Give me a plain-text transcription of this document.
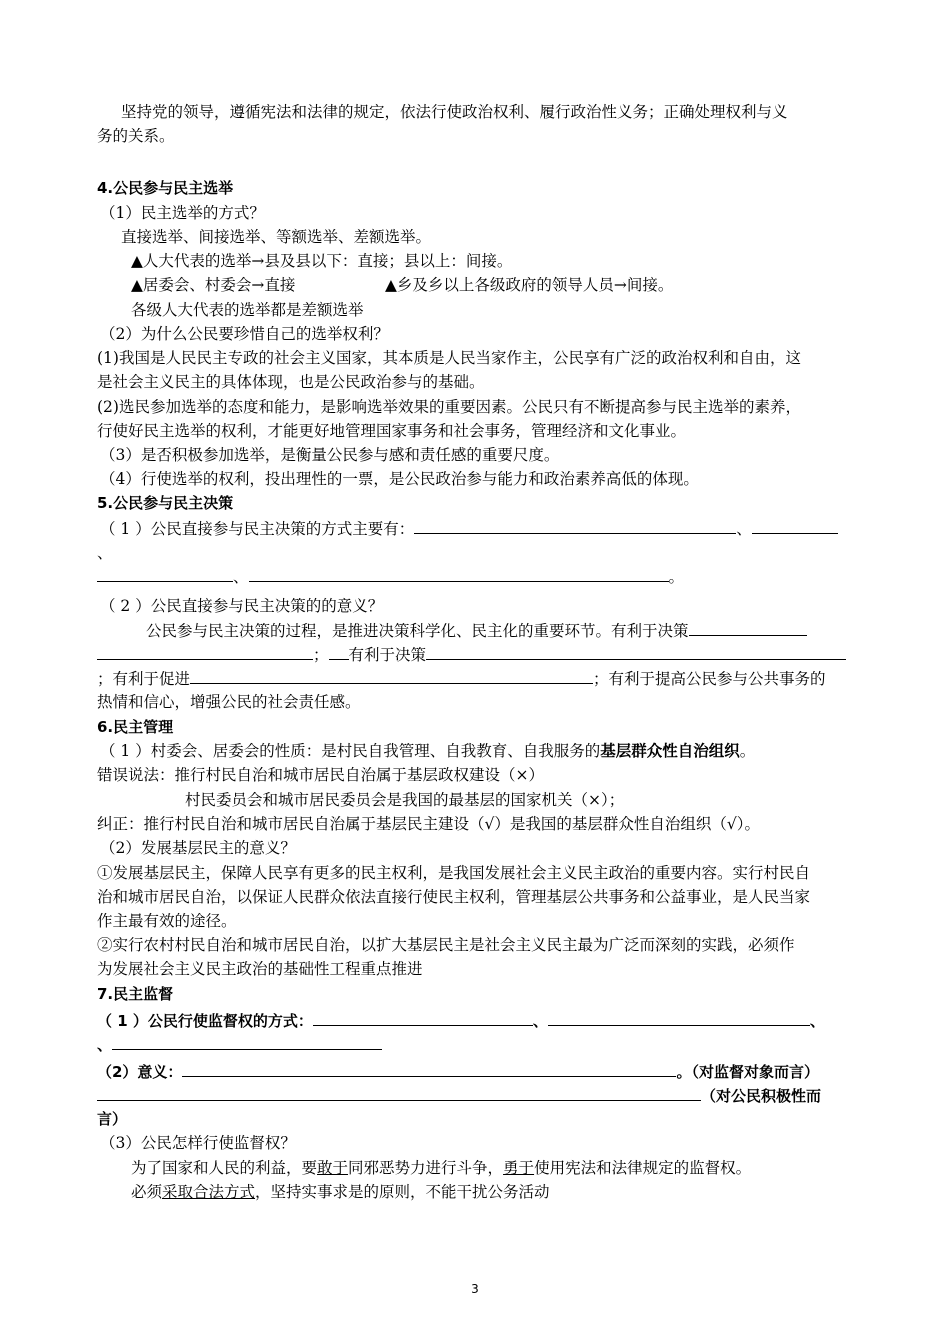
坚持党的领导，遵循宪法和法律的规定，依法行使政治权利、履行政治性义务；正确处理权利与义
务的关系。
4.公民参与民主选举
（1）民主选举的方式？
直接选举、间接选举、等额选举、差额选举。
▲人大代表的选举→县及县以下：直接；县以上：间接。
▲居委会、村委会→直接	▲乡及乡以上各级政府的领导人员→间接。
各级人大代表的选举都是差额选举
（2）为什么公民要珍惜自己的选举权利？
(1)我国是人民民主专政的社会主义国家，其本质是人民当家作主，公民享有广泛的政治权利和自由，这
是社会主义民主的具体体现，也是公民政治参与的基础。
(2)选民参加选举的态度和能力，是影响选举效果的重要因素。公民只有不断提高参与民主选举的素养，
行使好民主选举的权利，才能更好地管理国家事务和社会事务，管理经济和文化事业。
（3）是否积极参加选举，是衡量公民参与感和责任感的重要尺度。
（4）行使选举的权利，投出理性的一票，是公民政治参与能力和政治素养高低的体现。
5.公民参与民主决策
（ 1 ）公民直接参与民主决策的方式主要有：	、
、
、	。
（ 2 ）公民直接参与民主决策的的意义？
公民参与民主决策的过程，是推进决策科学化、民主化的重要环节。有利于决策
； 有利于决策
；有利于促进	；有利于提高公民参与公共事务的
热情和信心，增强公民的社会责任感。
6.民主管理
（ 1 ）村委会、居委会的性质：是村民自我管理、自我教育、自我服务的基层群众性自治组织。
错误说法：推行村民自治和城市居民自治属于基层政权建设（×）
村民委员会和城市居民委员会是我国的最基层的国家机关（×）；
纠正：推行村民自治和城市居民自治属于基层民主建设（√）是我国的基层群众性自治组织（√）。
（2）发展基层民主的意义？
①发展基层民主，保障人民享有更多的民主权利，是我国发展社会主义民主政治的重要内容。实行村民自
治和城市居民自治，以保证人民群众依法直接行使民主权利，管理基层公共事务和公益事业，是人民当家
作主最有效的途径。
②实行农村村民自治和城市居民自治，以扩大基层民主是社会主义民主最为广泛而深刻的实践，必须作
为发展社会主义民主政治的基础性工程重点推进
7.民主监督
（ 1 ）公民行使监督权的方式：	、	、
、
（2）意义：	。（对监督对象而言）
（对公民积极性而
言）
（3）公民怎样行使监督权？
为了国家和人民的利益，要敢于同邪恶势力进行斗争，勇于使用宪法和法律规定的监督权。
必须采取合法方式，坚持实事求是的原则，不能干扰公务活动
3
